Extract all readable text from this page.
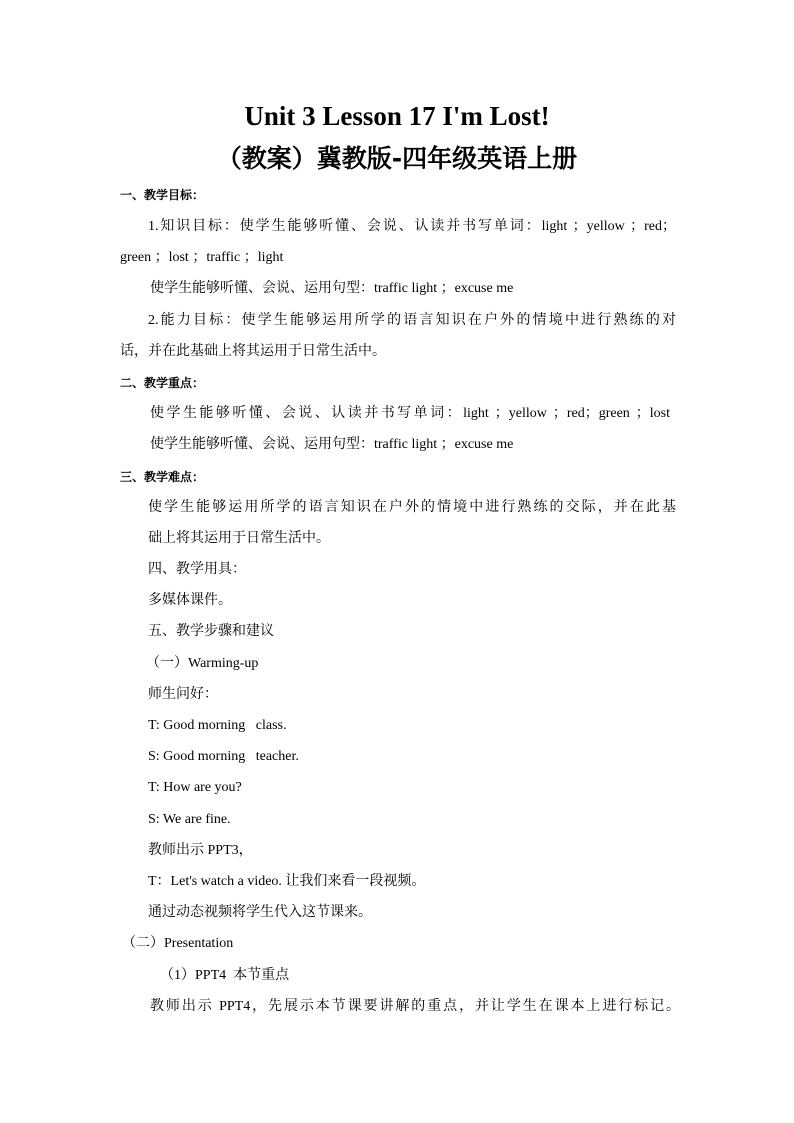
Unit 3 Lesson 17 I'm Lost!
（教案）冀教版-四年级英语上册
一、教学目标：
1.知识目标：使学生能够听懂、会说、认读并书写单词：light ；yellow ；red；
green ；lost ；traffic ；light
使学生能够听懂、会说、运用句型：traffic light ；excuse me
2.能力目标：使学生能够运用所学的语言知识在户外的情境中进行熟练的对
话，并在此基础上将其运用于日常生活中。
二、教学重点：
使学生能够听懂、会说、认读并书写单词：light ；yellow ；red；green ；lost
使学生能够听懂、会说、运用句型：traffic light ；excuse me
三、教学难点：
使学生能够运用所学的语言知识在户外的情境中进行熟练的交际，并在此基
础上将其运用于日常生活中。
四、教学用具：
多媒体课件。
五、教学步骤和建议
（一）Warming-up
师生问好：
T: Good morning   class.
S: Good morning   teacher.
T: How are you?
S: We are fine.
教师出示 PPT3，
T：Let's watch a video. 让我们来看一段视频。
通过动态视频将学生代入这节课来。
（二）Presentation
（1）PPT4  本节重点
教师出示 PPT4，先展示本节课要讲解的重点，并让学生在课本上进行标记。
